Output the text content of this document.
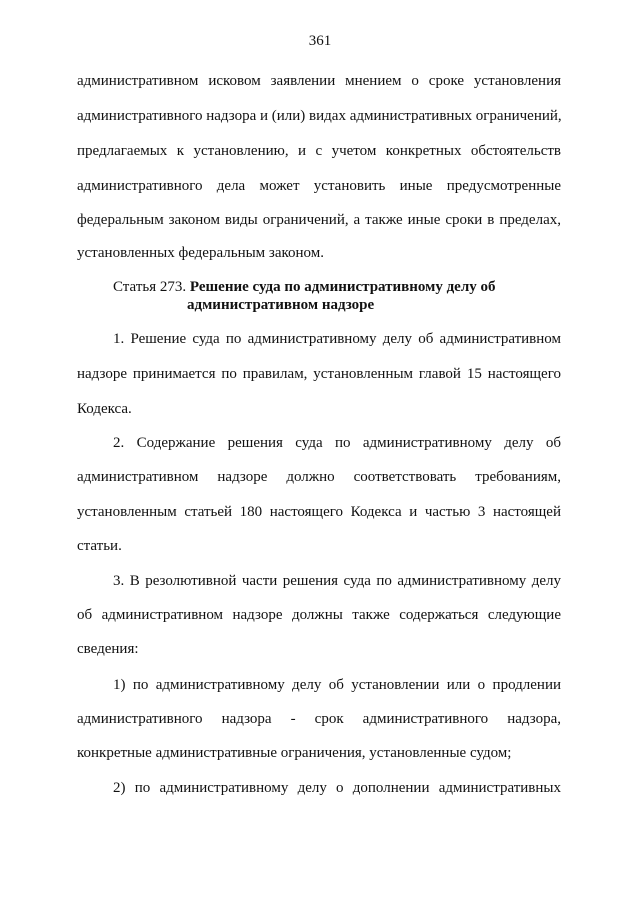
361
административном исковом заявлении мнением о сроке установления
административного надзора и (или) видах административных ограничений,
предлагаемых к установлению, и с учетом конкретных обстоятельств
административного дела может установить иные предусмотренные
федеральным законом виды ограничений, а также иные сроки в пределах,
установленных федеральным законом.
Статья 273. Решение суда по административному делу об
административном надзоре
1. Решение суда по административному делу об административном
надзоре принимается по правилам, установленным главой 15 настоящего
Кодекса.
2. Содержание решения суда по административному делу об
административном надзоре должно соответствовать требованиям,
установленным статьей 180 настоящего Кодекса и частью 3 настоящей
статьи.
3. В резолютивной части решения суда по административному делу
об административном надзоре должны также содержаться следующие
сведения:
1) по административному делу об установлении или о продлении
административного надзора - срок административного надзора,
конкретные административные ограничения, установленные судом;
2) по административному делу о дополнении административных
